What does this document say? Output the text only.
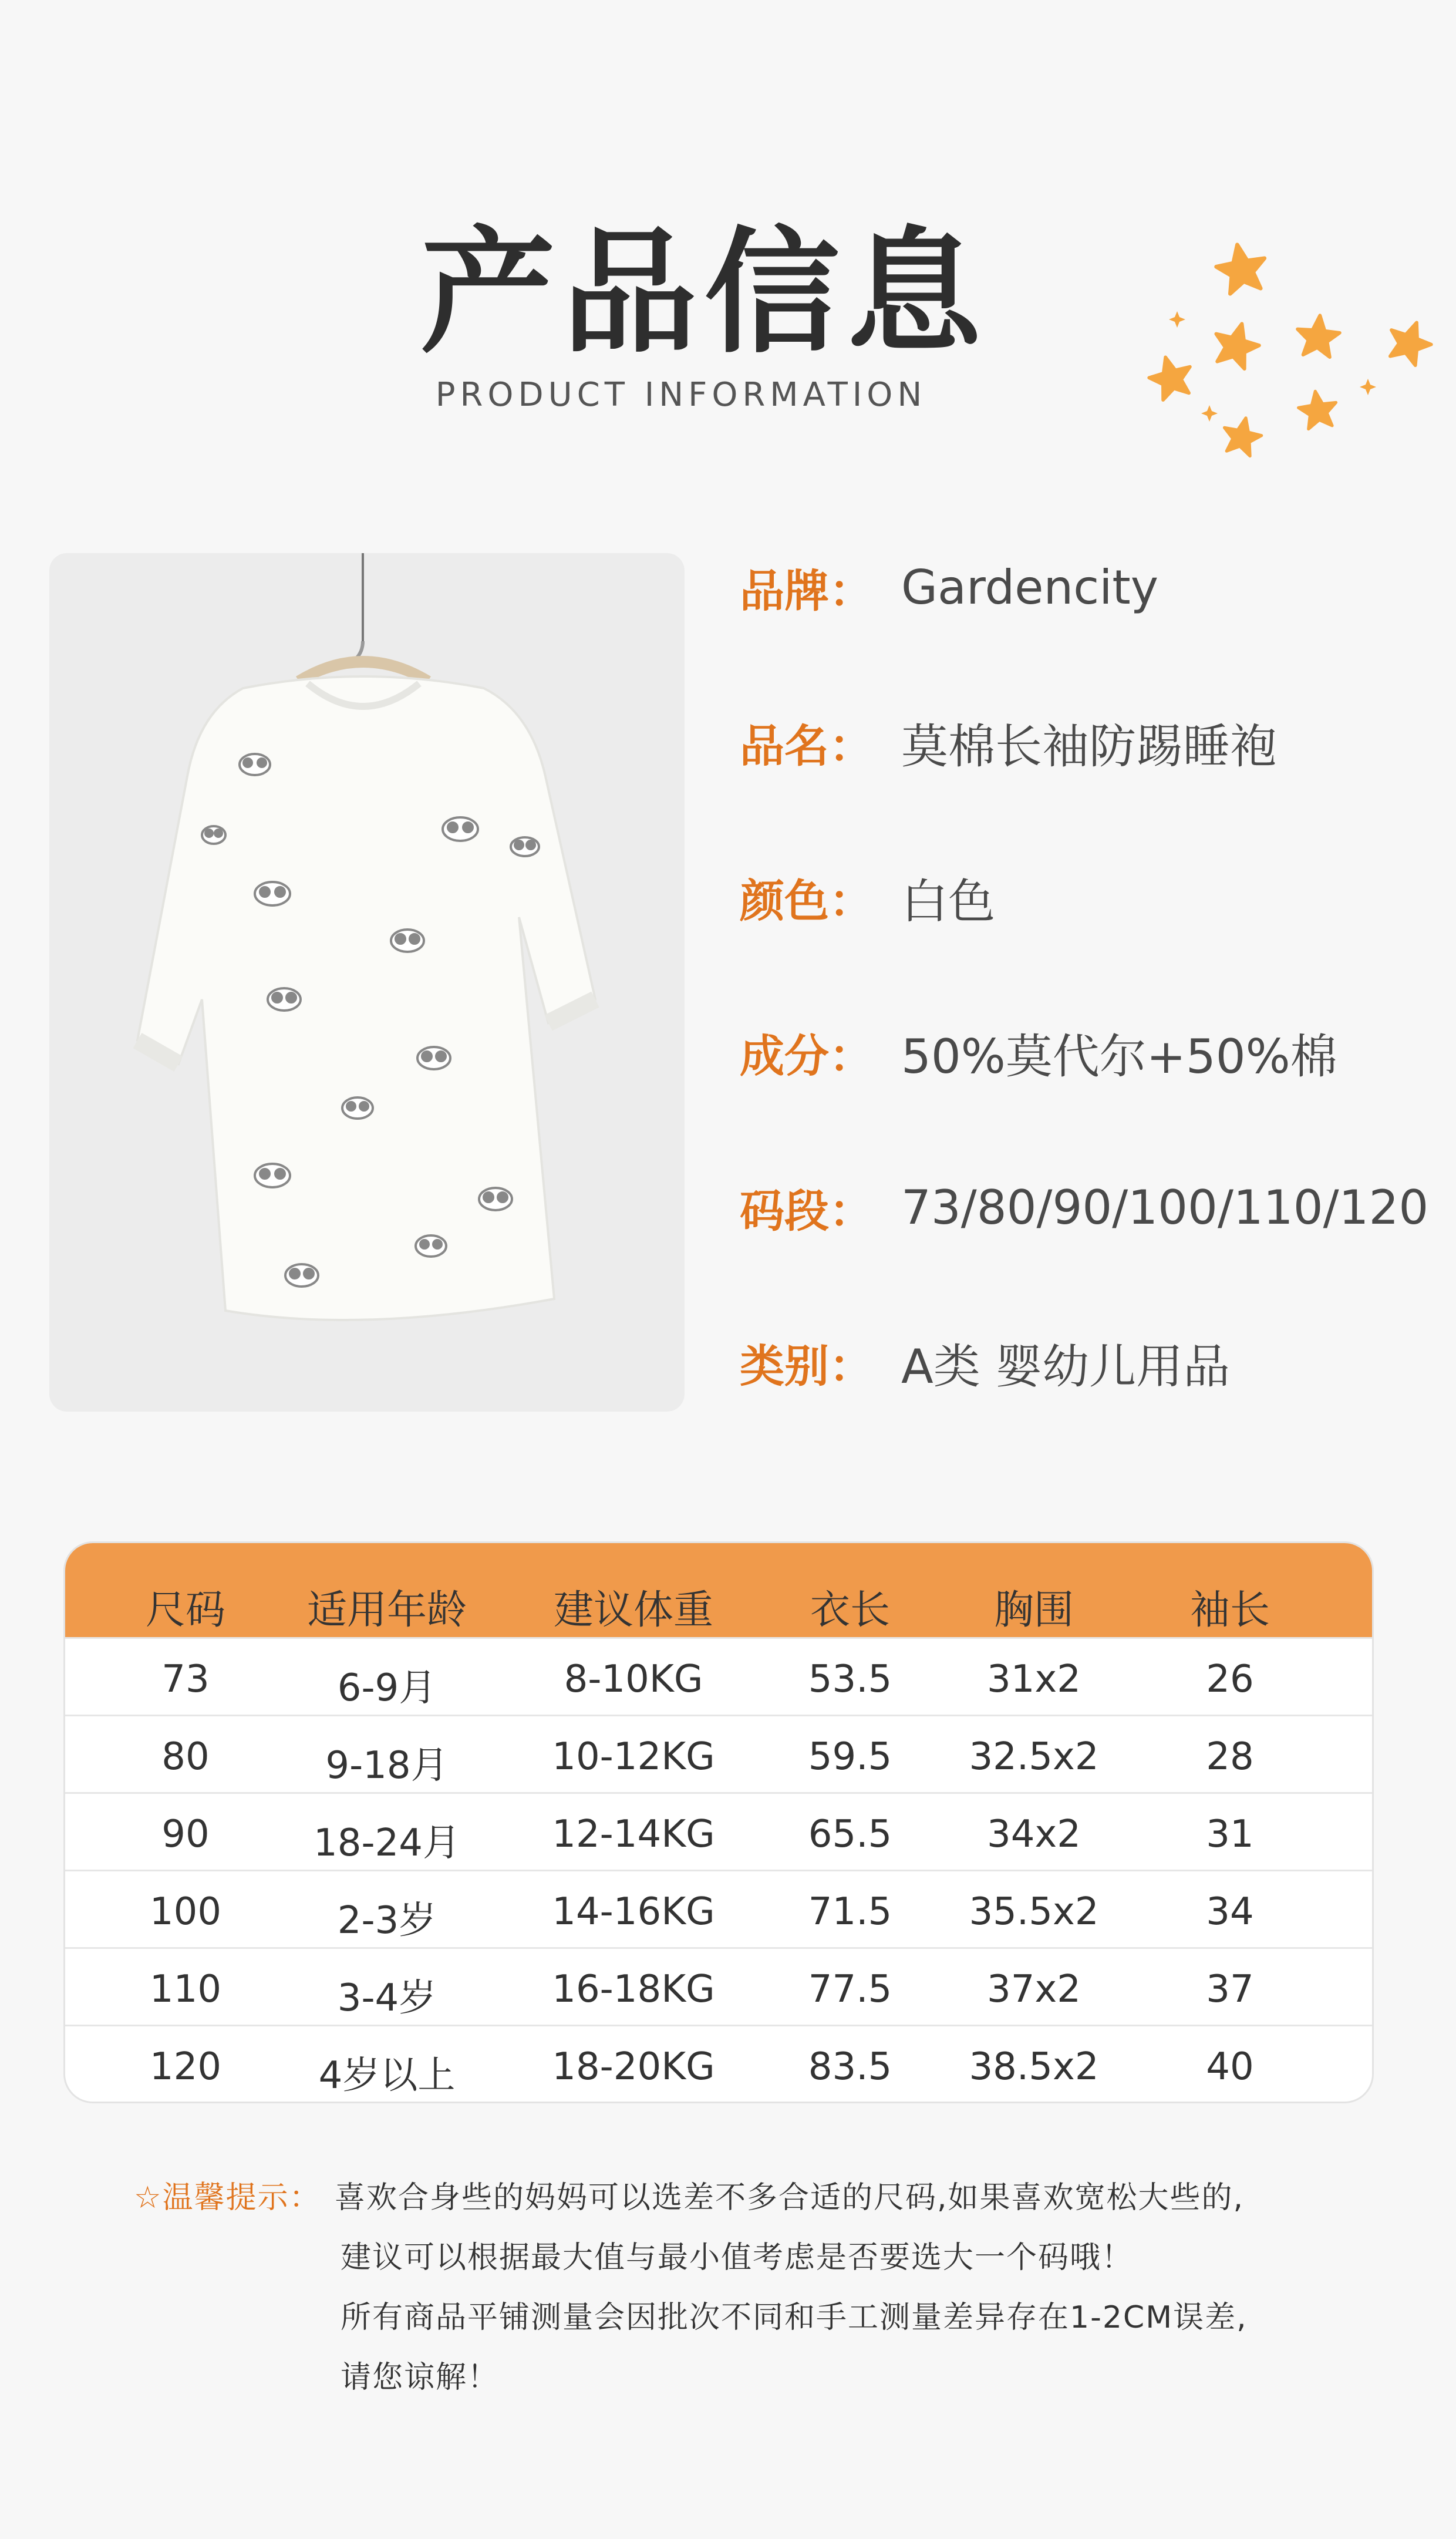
产品信息
PRODUCT INFORMATION
品牌： Gardencity
品名： 莫棉长袖防踢睡袍
颜色： 白色
成分： 50%莫代尔+50%棉
码段： 73/80/90/100/110/120
类别： A类 婴幼儿用品
尺码 适用年龄 建议体重 衣长	胸围	袖长
73	6-9月	8-10KG	53.5	31x2	26
80	9-18月	10-12KG 59.5 32.5x2	28
90	18-24月 12-14KG 65.5	34x2	31
100	2-3岁	14-16KG 71.5 35.5x2	34
110	3-4岁	16-18KG 77.5	37x2	37
120	4岁以上	18-20KG 83.5 38.5x2	40
☆温馨提示： 喜欢合身些的妈妈可以选差不多合适的尺码,如果喜欢宽松大些的,
建议可以根据最大值与最小值考虑是否要选大一个码哦！
所有商品平铺测量会因批次不同和手工测量差异存在1-2CM误差,
请您谅解！
